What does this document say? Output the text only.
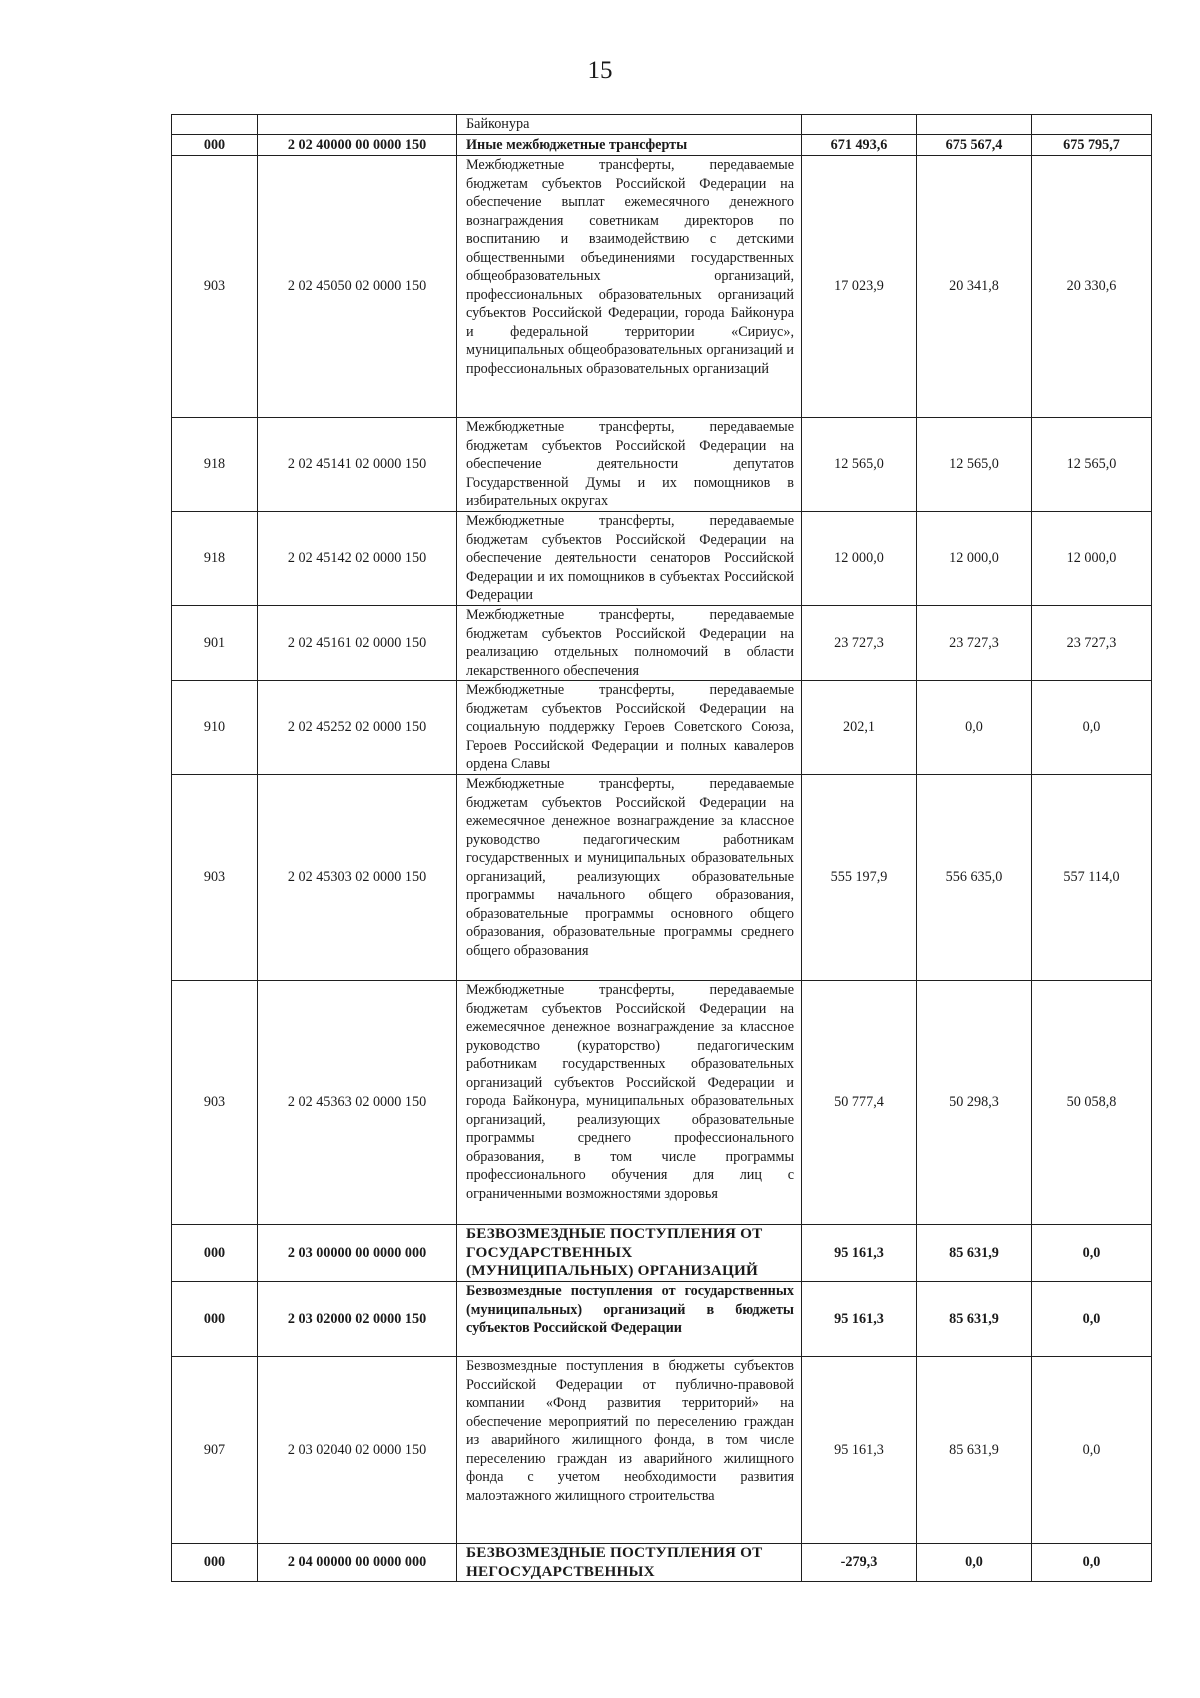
15
		Байконура			
000	2 02 40000 00 0000 150	Иные межбюджетные трансферты	671 493,6	675 567,4	675 795,7
903	2 02 45050 02 0000 150	Межбюджетные трансферты, передаваемые бюджетам субъектов Российской Федерации на обеспечение выплат ежемесячного денежного вознаграждения советникам директоров по воспитанию и взаимодействию с детскими общественными объединениями государственных общеобразовательных организаций, профессиональных образовательных организаций субъектов Российской Федерации, города Байконура и федеральной территории «Сириус», муниципальных общеобразовательных организаций и профессиональных образовательных организаций	17 023,9	20 341,8	20 330,6
918	2 02 45141 02 0000 150	Межбюджетные трансферты, передаваемые бюджетам субъектов Российской Федерации на обеспечение деятельности депутатов Государственной Думы и их помощников в избирательных округах	12 565,0	12 565,0	12 565,0
918	2 02 45142 02 0000 150	Межбюджетные трансферты, передаваемые бюджетам субъектов Российской Федерации на обеспечение деятельности сенаторов Российской Федерации и их помощников в субъектах Российской Федерации	12 000,0	12 000,0	12 000,0
901	2 02 45161 02 0000 150	Межбюджетные трансферты, передаваемые бюджетам субъектов Российской Федерации на реализацию отдельных полномочий в области лекарственного обеспечения	23 727,3	23 727,3	23 727,3
910	2 02 45252 02 0000 150	Межбюджетные трансферты, передаваемые бюджетам субъектов Российской Федерации на социальную поддержку Героев Советского Союза, Героев Российской Федерации и полных кавалеров ордена Славы	202,1	0,0	0,0
903	2 02 45303 02 0000 150	Межбюджетные трансферты, передаваемые бюджетам субъектов Российской Федерации на ежемесячное денежное вознаграждение за классное руководство педагогическим работникам государственных и муниципальных образовательных организаций, реализующих образовательные программы начального общего образования, образовательные программы основного общего образования, образовательные программы среднего общего образования	555 197,9	556 635,0	557 114,0
903	2 02 45363 02 0000 150	Межбюджетные трансферты, передаваемые бюджетам субъектов Российской Федерации на ежемесячное денежное вознаграждение за классное руководство (кураторство) педагогическим работникам государственных образовательных организаций субъектов Российской Федерации и города Байконура, муниципальных образовательных организаций, реализующих образовательные программы среднего профессионального образования, в том числе программы профессионального обучения для лиц с ограниченными возможностями здоровья	50 777,4	50 298,3	50 058,8
000	2 03 00000 00 0000 000	БЕЗВОЗМЕЗДНЫЕ ПОСТУПЛЕНИЯ ОТ ГОСУДАРСТВЕННЫХ (МУНИЦИПАЛЬНЫХ) ОРГАНИЗАЦИЙ	95 161,3	85 631,9	0,0
000	2 03 02000 02 0000 150	Безвозмездные поступления от государственных (муниципальных) организаций в бюджеты субъектов Российской Федерации	95 161,3	85 631,9	0,0
907	2 03 02040 02 0000 150	Безвозмездные поступления в бюджеты субъектов Российской Федерации от публично-правовой компании «Фонд развития территорий» на обеспечение мероприятий по переселению граждан из аварийного жилищного фонда, в том числе переселению граждан из аварийного жилищного фонда с учетом необходимости развития малоэтажного жилищного строительства	95 161,3	85 631,9	0,0
000	2 04 00000 00 0000 000	БЕЗВОЗМЕЗДНЫЕ ПОСТУПЛЕНИЯ ОТ НЕГОСУДАРСТВЕННЫХ	-279,3	0,0	0,0
